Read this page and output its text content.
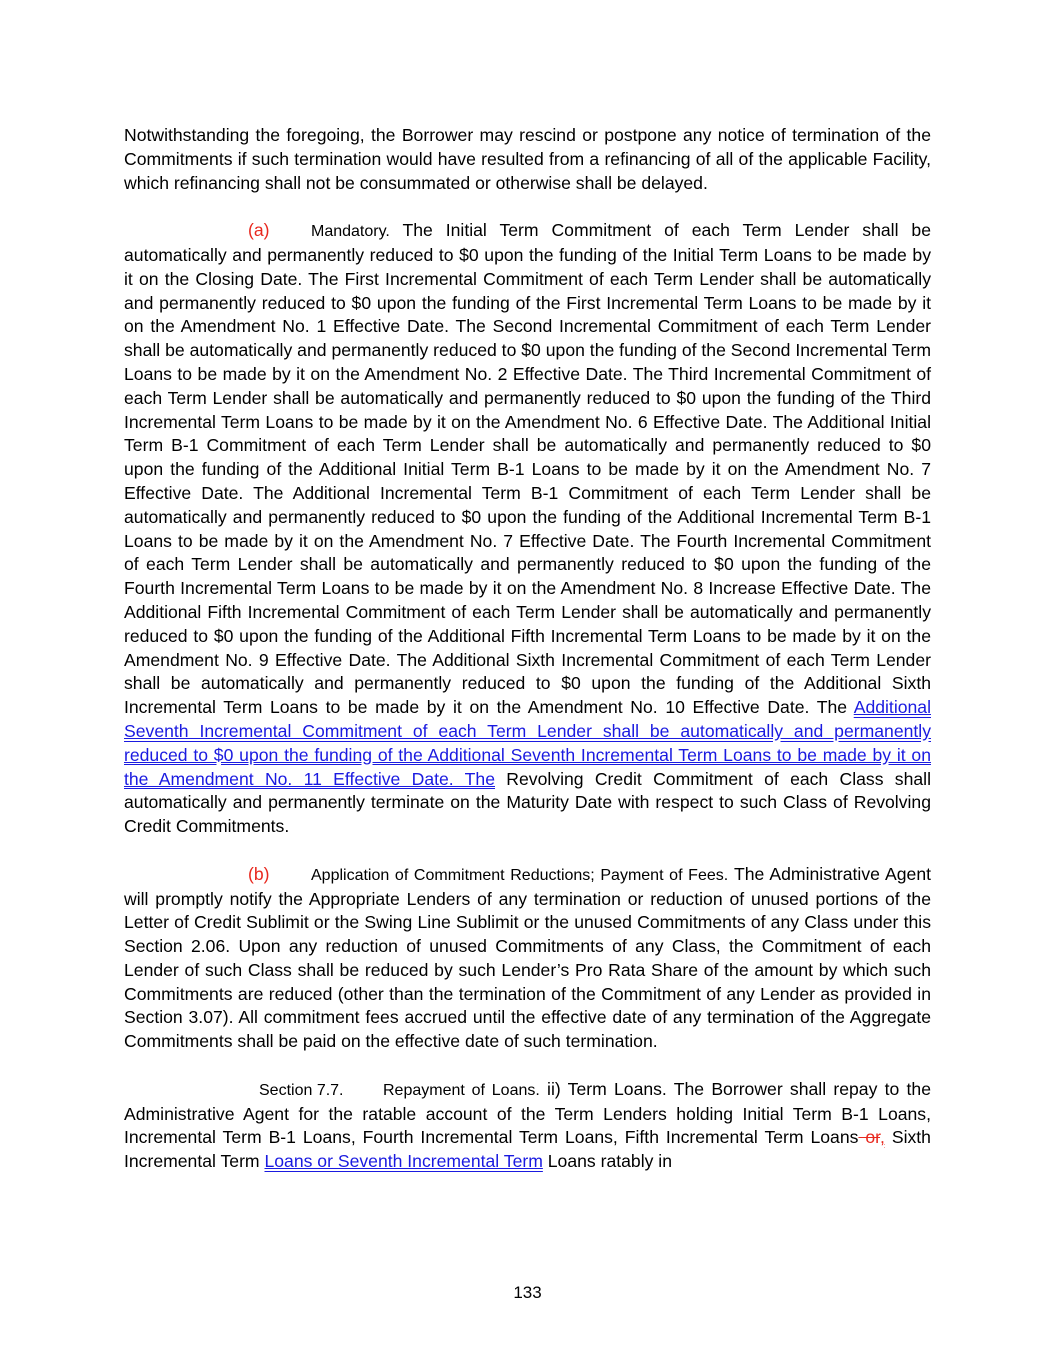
Notwithstanding the foregoing, the Borrower may rescind or postpone any notice of termination of the Commitments if such termination would have resulted from a refinancing of all of the applicable Facility, which refinancing shall not be consummated or otherwise shall be delayed.

(a)	Mandatory. The Initial Term Commitment of each Term Lender shall be automatically and permanently reduced to $0 upon the funding of the Initial Term Loans to be made by it on the Closing Date. The First Incremental Commitment of each Term Lender shall be automatically and permanently reduced to $0 upon the funding of the First Incremental Term Loans to be made by it on the Amendment No. 1 Effective Date. The Second Incremental Commitment of each Term Lender shall be automatically and permanently reduced to $0 upon the funding of the Second Incremental Term Loans to be made by it on the Amendment No. 2 Effective Date. The Third Incremental Commitment of each Term Lender shall be automatically and permanently reduced to $0 upon the funding of the Third Incremental Term Loans to be made by it on the Amendment No. 6 Effective Date. The Additional Initial Term B-1 Commitment of each Term Lender shall be automatically and permanently reduced to $0 upon the funding of the Additional Initial Term B-1 Loans to be made by it on the Amendment No. 7 Effective Date. The Additional Incremental Term B-1 Commitment of each Term Lender shall be automatically and permanently reduced to $0 upon the funding of the Additional Incremental Term B-1 Loans to be made by it on the Amendment No. 7 Effective Date. The Fourth Incremental Commitment of each Term Lender shall be automatically and permanently reduced to $0 upon the funding of the Fourth Incremental Term Loans to be made by it on the Amendment No. 8 Increase Effective Date. The Additional Fifth Incremental Commitment of each Term Lender shall be automatically and permanently reduced to $0 upon the funding of the Additional Fifth Incremental Term Loans to be made by it on the Amendment No. 9 Effective Date. The Additional Sixth Incremental Commitment of each Term Lender shall be automatically and permanently reduced to $0 upon the funding of the Additional Sixth Incremental Term Loans to be made by it on the Amendment No. 10 Effective Date. The Additional Seventh Incremental Commitment of each Term Lender shall be automatically and permanently reduced to $0 upon the funding of the Additional Seventh Incremental Term Loans to be made by it on the Amendment No. 11 Effective Date. The Revolving Credit Commitment of each Class shall automatically and permanently terminate on the Maturity Date with respect to such Class of Revolving Credit Commitments.

(b)	Application of Commitment Reductions; Payment of Fees. The Administrative Agent will promptly notify the Appropriate Lenders of any termination or reduction of unused portions of the Letter of Credit Sublimit or the Swing Line Sublimit or the unused Commitments of any Class under this Section 2.06. Upon any reduction of unused Commitments of any Class, the Commitment of each Lender of such Class shall be reduced by such Lender’s Pro Rata Share of the amount by which such Commitments are reduced (other than the termination of the Commitment of any Lender as provided in Section 3.07). All commitment fees accrued until the effective date of any termination of the Aggregate Commitments shall be paid on the effective date of such termination.

Section 7.7. Repayment of Loans. ii) Term Loans. The Borrower shall repay to the Administrative Agent for the ratable account of the Term Lenders holding Initial Term B-1 Loans, Incremental Term B-1 Loans, Fourth Incremental Term Loans, Fifth Incremental Term Loans or, Sixth Incremental Term Loans or Seventh Incremental Term Loans ratably in

133
